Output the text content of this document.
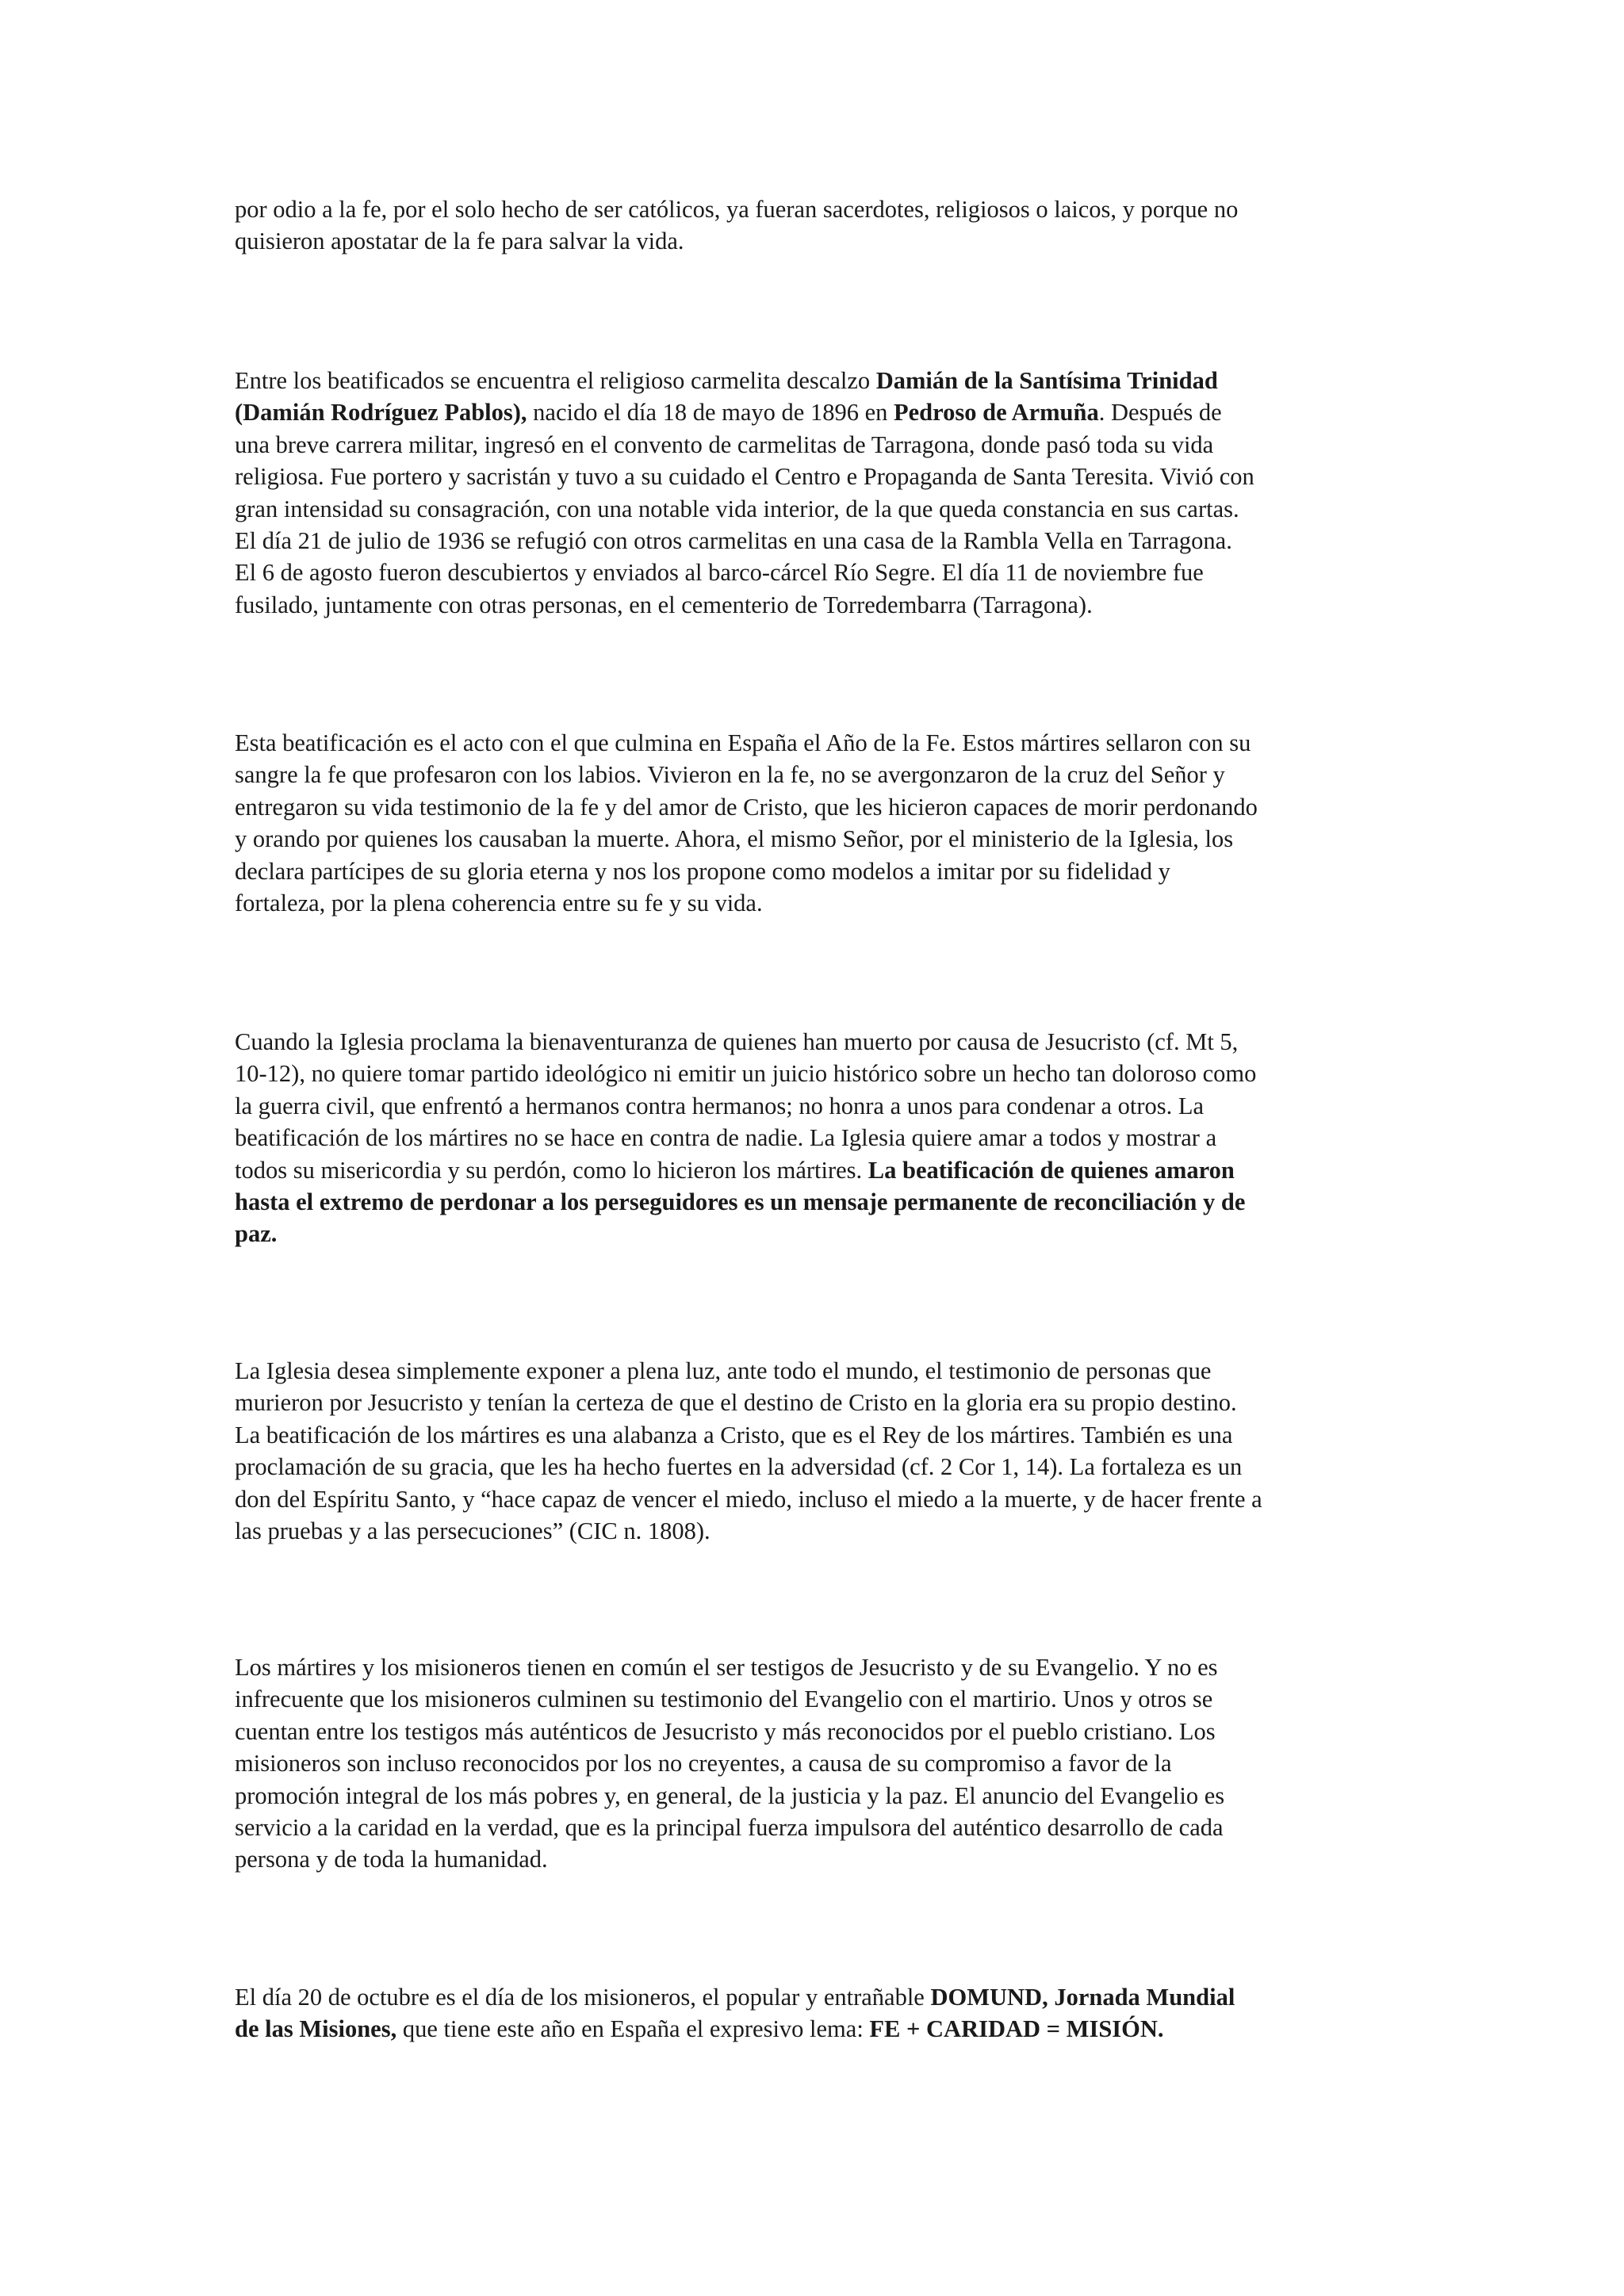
por odio a la fe, por el solo hecho de ser católicos, ya fueran sacerdotes, religiosos o laicos, y porque no
quisieron apostatar de la fe para salvar la vida.

Entre los beatificados se encuentra el religioso carmelita descalzo Damián de la Santísima Trinidad
(Damián Rodríguez Pablos), nacido el día 18 de mayo de 1896 en Pedroso de Armuña. Después de
una breve carrera militar, ingresó en el convento de carmelitas de Tarragona, donde pasó toda su vida
religiosa. Fue portero y sacristán y tuvo a su cuidado el Centro e Propaganda de Santa Teresita. Vivió con
gran intensidad su consagración, con una notable vida interior, de la que queda constancia en sus cartas.
El día 21 de julio de 1936 se refugió con otros carmelitas en una casa de la Rambla Vella en Tarragona.
El 6 de agosto fueron descubiertos y enviados al barco-cárcel Río Segre. El día 11 de noviembre fue
fusilado, juntamente con otras personas, en el cementerio de Torredembarra (Tarragona).

Esta beatificación es el acto con el que culmina en España el Año de la Fe. Estos mártires sellaron con su
sangre la fe que profesaron con los labios. Vivieron en la fe, no se avergonzaron de la cruz del Señor y
entregaron su vida testimonio de la fe y del amor de Cristo, que les hicieron capaces de morir perdonando
y orando por quienes los causaban la muerte. Ahora, el mismo Señor, por el ministerio de la Iglesia, los
declara partícipes de su gloria eterna y nos los propone como modelos a imitar por su fidelidad y
fortaleza, por la plena coherencia entre su fe y su vida.

Cuando la Iglesia proclama la bienaventuranza de quienes han muerto por causa de Jesucristo (cf. Mt 5,
10-12), no quiere tomar partido ideológico ni emitir un juicio histórico sobre un hecho tan doloroso como
la guerra civil, que enfrentó a hermanos contra hermanos; no honra a unos para condenar a otros. La
beatificación de los mártires no se hace en contra de nadie. La Iglesia quiere amar a todos y mostrar a
todos su misericordia y su perdón, como lo hicieron los mártires. La beatificación de quienes amaron
hasta el extremo de perdonar a los perseguidores es un mensaje permanente de reconciliación y de
paz.

La Iglesia desea simplemente exponer a plena luz, ante todo el mundo, el testimonio de personas que
murieron por Jesucristo y tenían la certeza de que el destino de Cristo en la gloria era su propio destino.
La beatificación de los mártires es una alabanza a Cristo, que es el Rey de los mártires. También es una
proclamación de su gracia, que les ha hecho fuertes en la adversidad (cf. 2 Cor 1, 14). La fortaleza es un
don del Espíritu Santo, y “hace capaz de vencer el miedo, incluso el miedo a la muerte, y de hacer frente a
las pruebas y a las persecuciones” (CIC n. 1808).

Los mártires y los misioneros tienen en común el ser testigos de Jesucristo y de su Evangelio. Y no es
infrecuente que los misioneros culminen su testimonio del Evangelio con el martirio. Unos y otros se
cuentan entre los testigos más auténticos de Jesucristo y más reconocidos por el pueblo cristiano. Los
misioneros son incluso reconocidos por los no creyentes, a causa de su compromiso a favor de la
promoción integral de los más pobres y, en general, de la justicia y la paz. El anuncio del Evangelio es
servicio a la caridad en la verdad, que es la principal fuerza impulsora del auténtico desarrollo de cada
persona y de toda la humanidad.

El día 20 de octubre es el día de los misioneros, el popular y entrañable DOMUND, Jornada Mundial
de las Misiones, que tiene este año en España el expresivo lema: FE + CARIDAD = MISIÓN.
